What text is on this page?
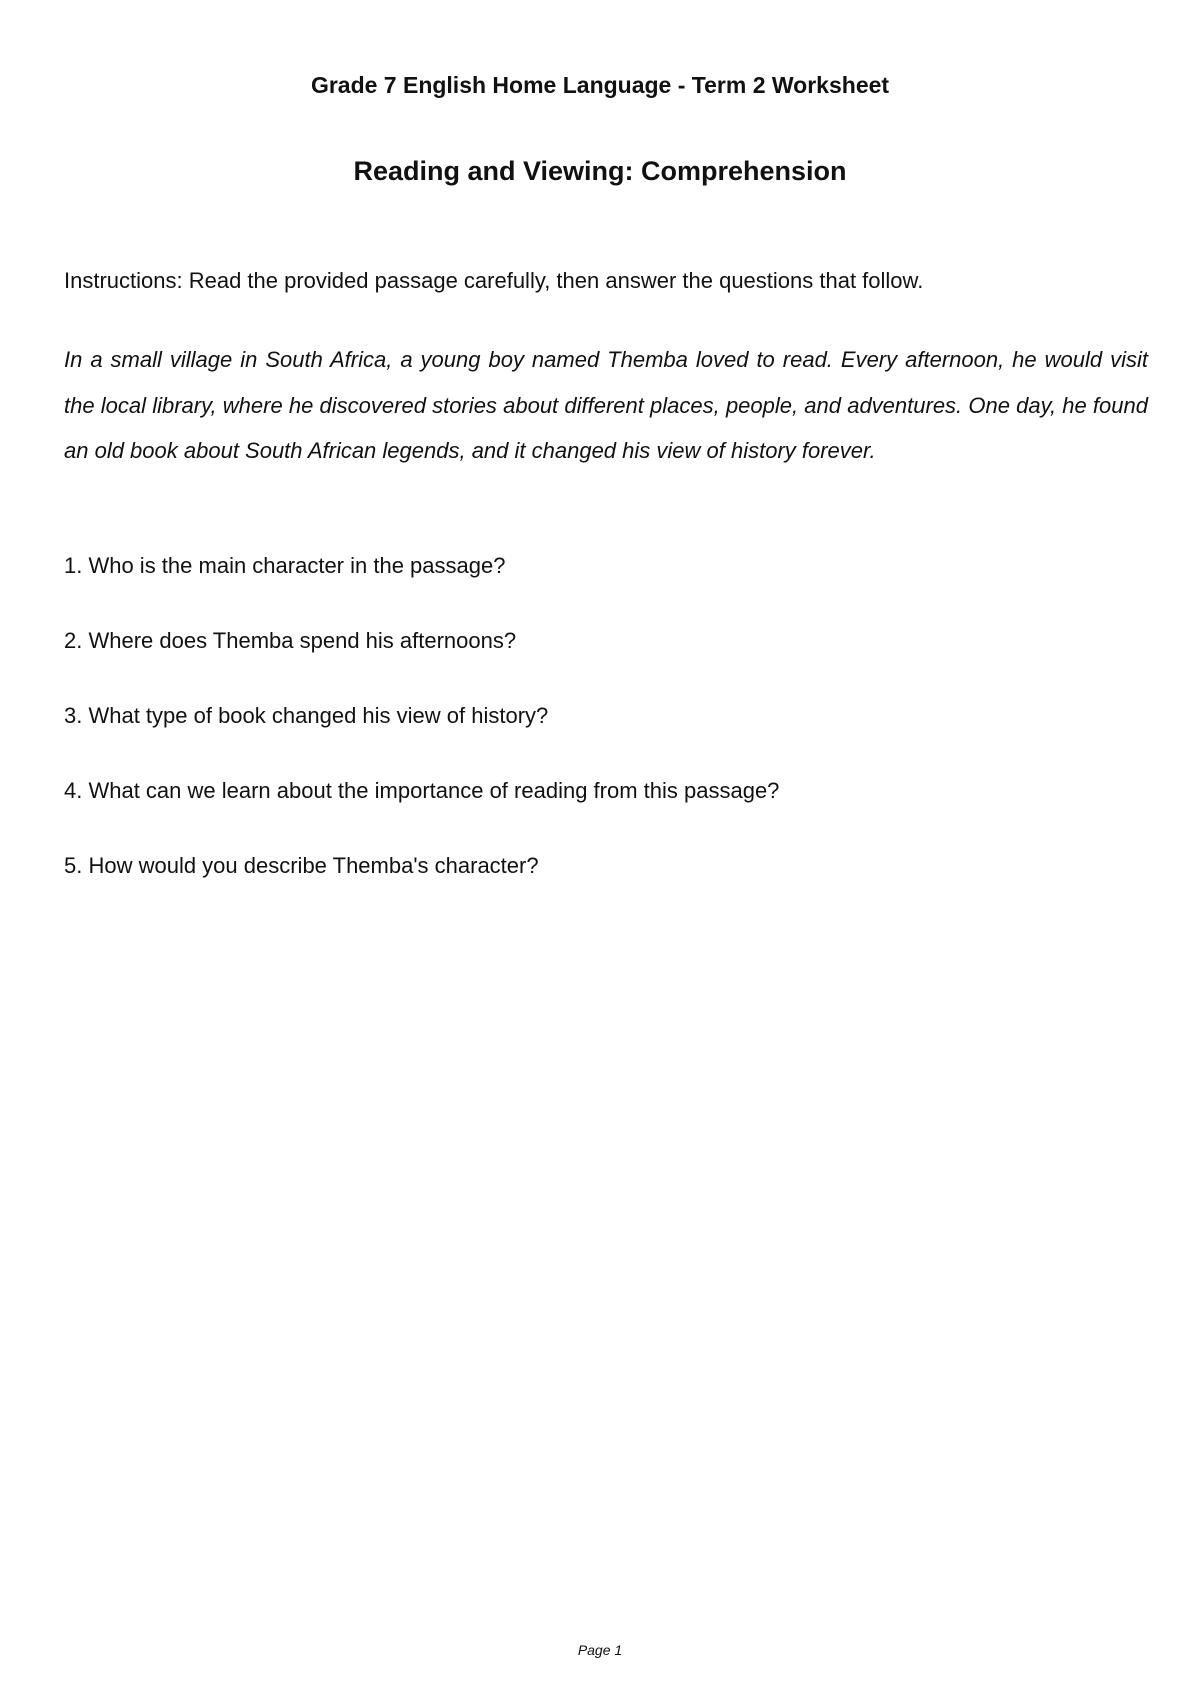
Grade 7 English Home Language - Term 2 Worksheet
Reading and Viewing: Comprehension

Instructions: Read the provided passage carefully, then answer the questions that follow.

In a small village in South Africa, a young boy named Themba loved to read. Every afternoon, he would visit the local library, where he discovered stories about different places, people, and adventures. One day, he found an old book about South African legends, and it changed his view of history forever.

1. Who is the main character in the passage?
2. Where does Themba spend his afternoons?
3. What type of book changed his view of history?
4. What can we learn about the importance of reading from this passage?
5. How would you describe Themba's character?

Page 1
